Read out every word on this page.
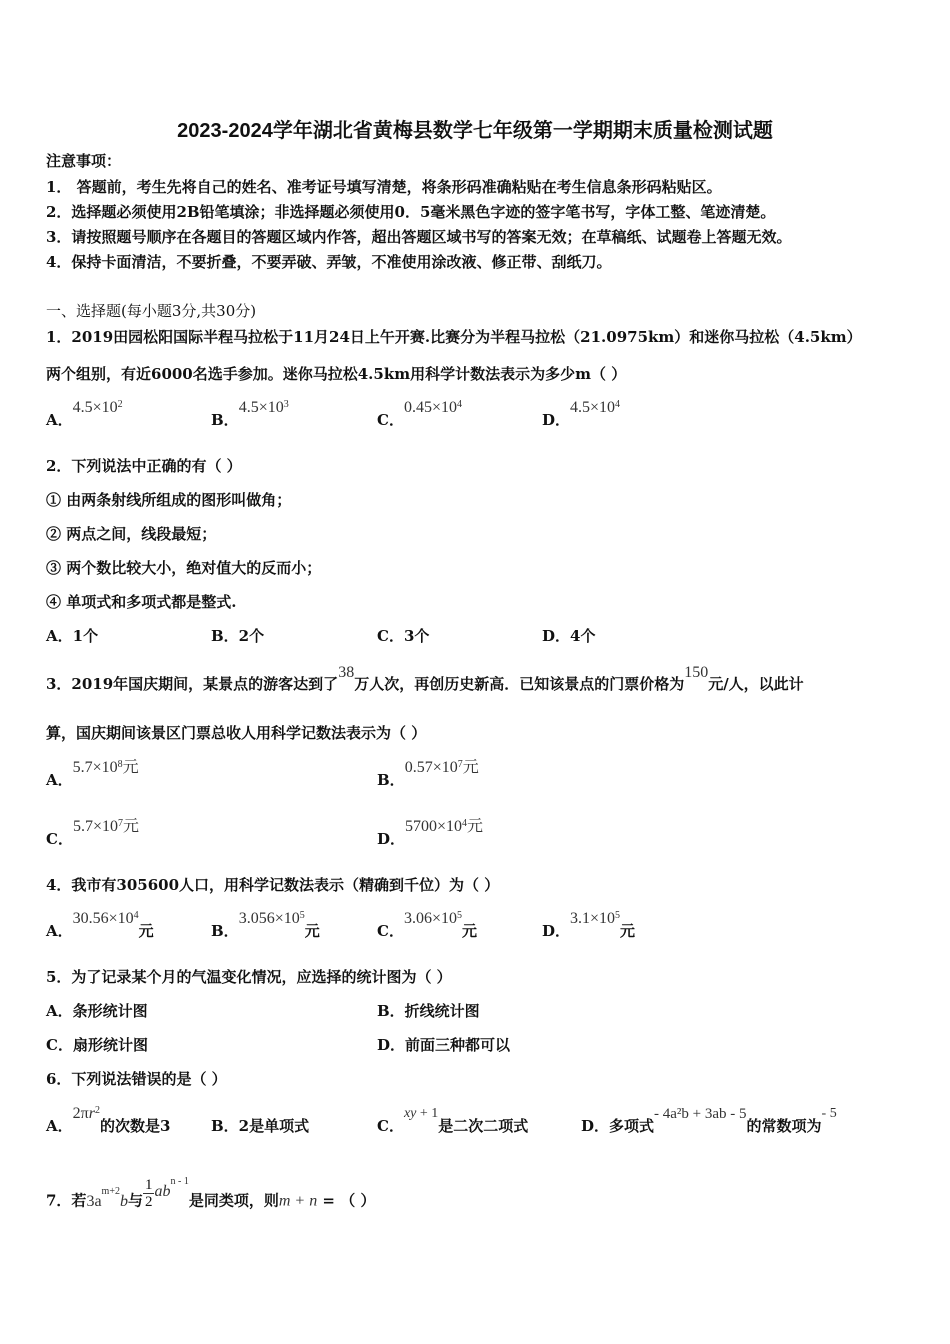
2023-2024学年湖北省黄梅县数学七年级第一学期期末质量检测试题
注意事项：
1． 答题前，考生先将自己的姓名、准考证号填写清楚，将条形码准确粘贴在考生信息条形码粘贴区。
2．选择题必须使用2B铅笔填涂；非选择题必须使用0．5毫米黑色字迹的签字笔书写，字体工整、笔迹清楚。
3．请按照题号顺序在各题目的答题区域内作答，超出答题区域书写的答案无效；在草稿纸、试题卷上答题无效。
4．保持卡面清洁，不要折叠，不要弄破、弄皱，不准使用涂改液、修正带、刮纸刀。
一、选择题(每小题3分,共30分)
1．2019田园松阳国际半程马拉松于11月24日上午开赛.比赛分为半程马拉松（21.0975km）和迷你马拉松（4.5km）
两个组别，有近6000名选手参加。迷你马拉松4.5km用科学计数法表示为多少m（ ）
A．$4.5\times 10^2$
B．$4.5\times 10^3$
C．$0.45\times 10^4$
D．$4.5\times 10^4$
2．下列说法中正确的有（ ）
① 由两条射线所组成的图形叫做角；
② 两点之间，线段最短；
③ 两个数比较大小，绝对值大的反而小；
④ 单项式和多项式都是整式.
A．1个	B．2个	C．3个	D．4个
3．2019年国庆期间，某景点的游客达到了38万人次，再创历史新高．已知该景点的门票价格为150元/人，以此计
算，国庆期间该景区门票总收人用科学记数法表示为（ ）
A．$5.7\times 10^8$元
B．$0.57\times 10^7$元
C．$5.7\times 10^7$元
D．$5700\times 10^4$元
4．我市有305600人口，用科学记数法表示（精确到千位）为（ ）
A．$30.56\times 10^4$元	B．$3.056\times 10^5$元	C．$3.06\times 10^5$元	D．$3.1\times 10^5$元
5．为了记录某个月的气温变化情况，应选择的统计图为（ ）
A．条形统计图	B．折线统计图
C．扇形统计图	D．前面三种都可以
6．下列说法错误的是（ ）
A．$2\pi r^2$的次数是3	B．2是单项式	C．xy + 1是二次二项式	D．多项式- 4a²b + 3ab - 5的常数项为- 5
7．若$3a^{m+2}b$与 $\frac{1}{2} ab^{n - 1}$是同类项，则m + n = （ ）
